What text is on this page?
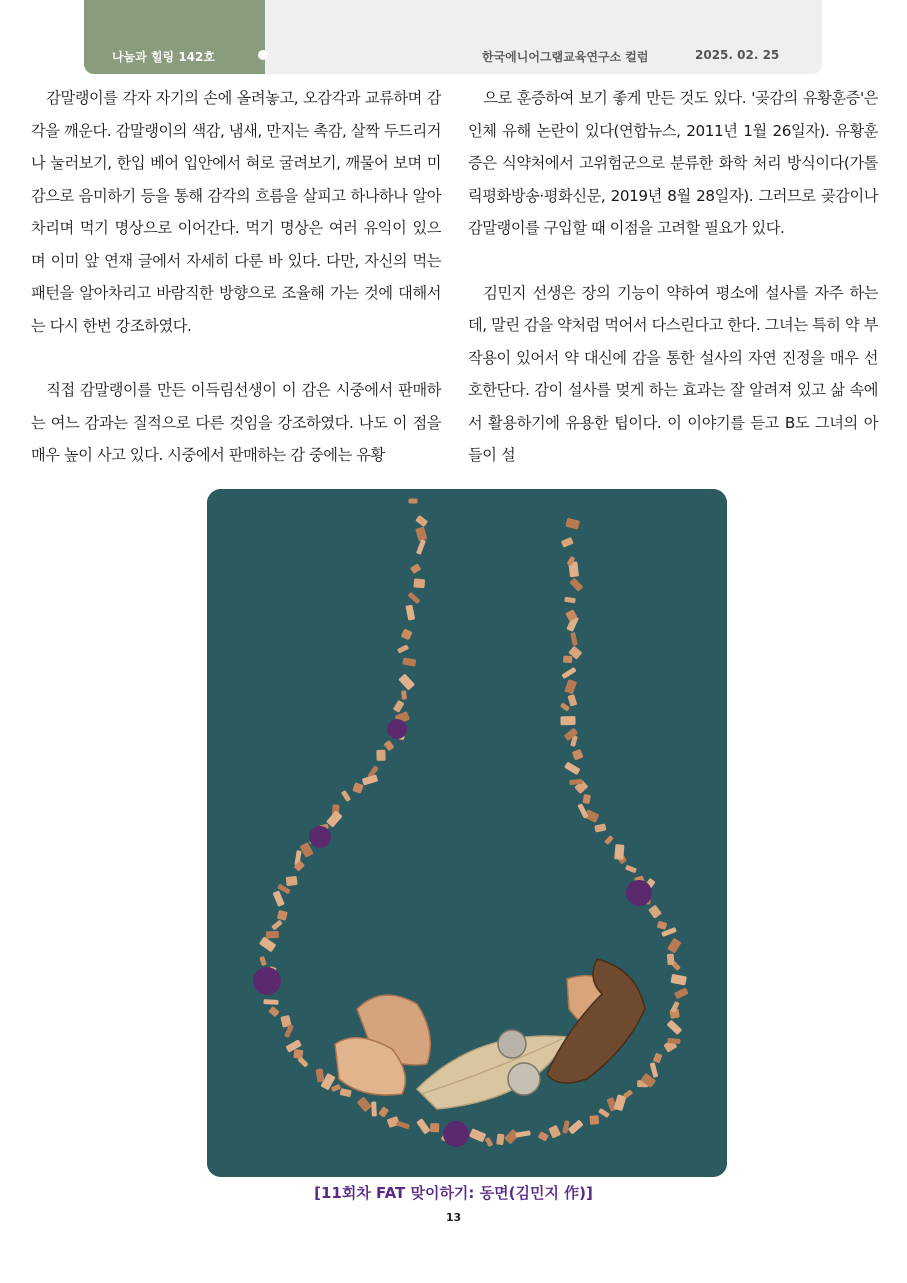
나눔과 힐링 142호	한국에니어그램교육연구소 컬럼	2025. 02. 25

감말랭이를 각자 자기의 손에 올려놓고, 오감각과 교류하며 감각을 깨운다. 감말랭이의 색감, 냄새, 만지는 촉감, 살짝 두드리거나 눌러보기, 한입 베어 입안에서 혀로 굴려보기, 깨물어 보며 미감으로 음미하기 등을 통해 감각의 흐름을 살피고 하나하나 알아차리며 먹기 명상으로 이어간다. 먹기 명상은 여러 유익이 있으며 이미 앞 연재 글에서 자세히 다룬 바 있다. 다만, 자신의 먹는 패턴을 알아차리고 바람직한 방향으로 조율해 가는 것에 대해서는 다시 한번 강조하였다.

직접 감말랭이를 만든 이득림선생이 이 감은 시중에서 판매하는 여느 감과는 질적으로 다른 것임을 강조하였다. 나도 이 점을 매우 높이 사고 있다. 시중에서 판매하는 감 중에는 유황

으로 훈증하여 보기 좋게 만든 것도 있다. '곶감의 유황훈증'은 인체 유해 논란이 있다(연합뉴스, 2011년 1월 26일자). 유황훈증은 식약처에서 고위험군으로 분류한 화학 처리 방식이다(가톨릭평화방송·평화신문, 2019년 8월 28일자). 그러므로 곶감이나 감말랭이를 구입할 때 이점을 고려할 필요가 있다.

김민지 선생은 장의 기능이 약하여 평소에 설사를 자주 하는데, 말린 감을 약처럼 먹어서 다스린다고 한다. 그녀는 특히 약 부작용이 있어서 약 대신에 감을 통한 설사의 자연 진정을 매우 선호한단다. 감이 설사를 멎게 하는 효과는 잘 알려져 있고 삶 속에서 활용하기에 유용한 팁이다. 이 이야기를 듣고 B도 그녀의 아들이 설

[11회차 FAT 맞이하기: 동면(김민지 作)]
13
